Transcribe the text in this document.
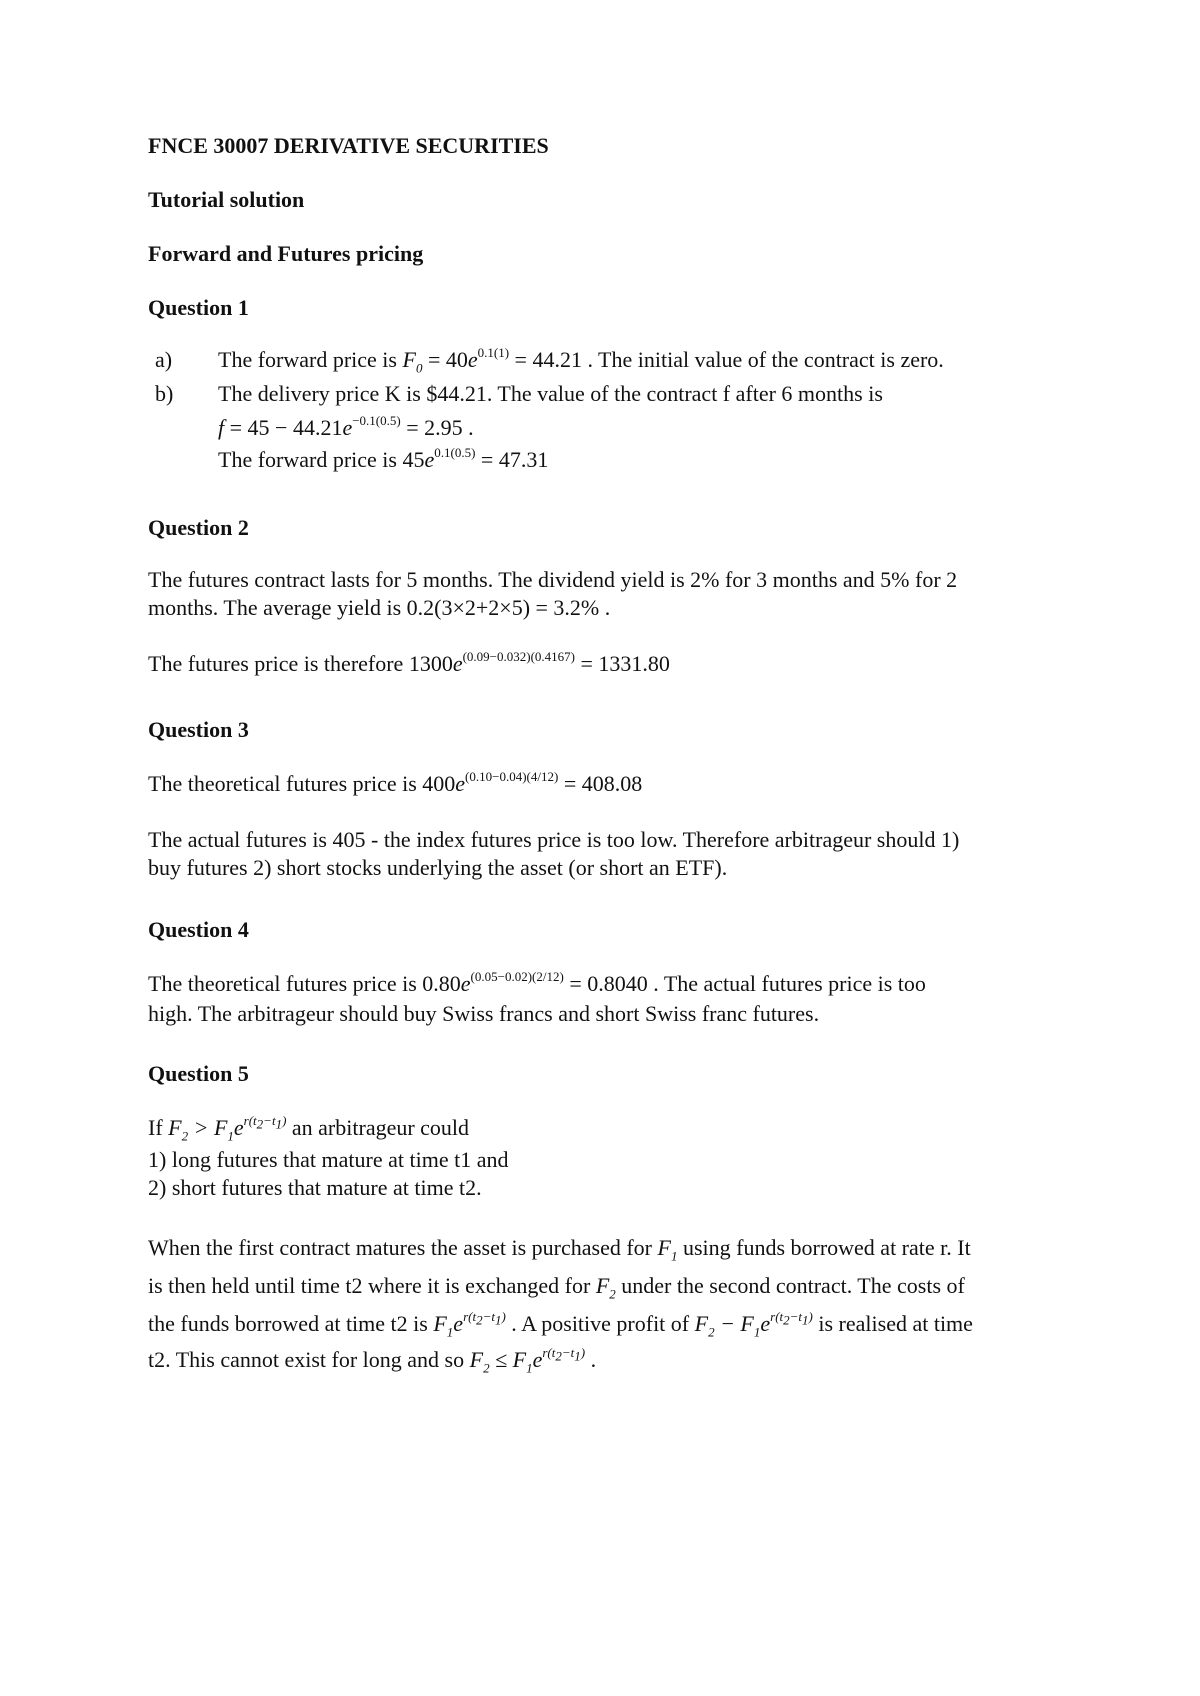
FNCE 30007 DERIVATIVE SECURITIES
Tutorial solution
Forward and Futures pricing
Question 1
a) The forward price is $F_0 = 40e^{0.1(1)} = 44.21$ . The initial value of the contract is zero.
b) The delivery price K is $44.21. The value of the contract f after 6 months is
$f = 45 - 44.21e^{-0.1(0.5)} = 2.95$ .
The forward price is $45e^{0.1(0.5)} = 47.31$
Question 2
The futures contract lasts for 5 months. The dividend yield is 2% for 3 months and 5% for 2
months. The average yield is 0.2(3×2+2×5) = 3.2% .
The futures price is therefore $1300e^{(0.09-0.032)(0.4167)} = 1331.80$
Question 3
The theoretical futures price is $400e^{(0.10-0.04)(4/12)} = 408.08$
The actual futures is 405 - the index futures price is too low. Therefore arbitrageur should 1)
buy futures 2) short stocks underlying the asset (or short an ETF).
Question 4
The theoretical futures price is $0.80e^{(0.05-0.02)(2/12)} = 0.8040$ . The actual futures price is too
high. The arbitrageur should buy Swiss francs and short Swiss franc futures.
Question 5
If $F_2 > F_1e^{r(t_2-t_1)}$ an arbitrageur could
1) long futures that mature at time t1 and
2) short futures that mature at time t2.
When the first contract matures the asset is purchased for $F_1$ using funds borrowed at rate r. It
is then held until time t2 where it is exchanged for $F_2$ under the second contract. The costs of
the funds borrowed at time t2 is $F_1e^{r(t_2-t_1)}$ . A positive profit of $F_2 - F_1e^{r(t_2-t_1)}$ is realised at time
t2. This cannot exist for long and so $F_2 \le F_1e^{r(t_2-t_1)}$ .
